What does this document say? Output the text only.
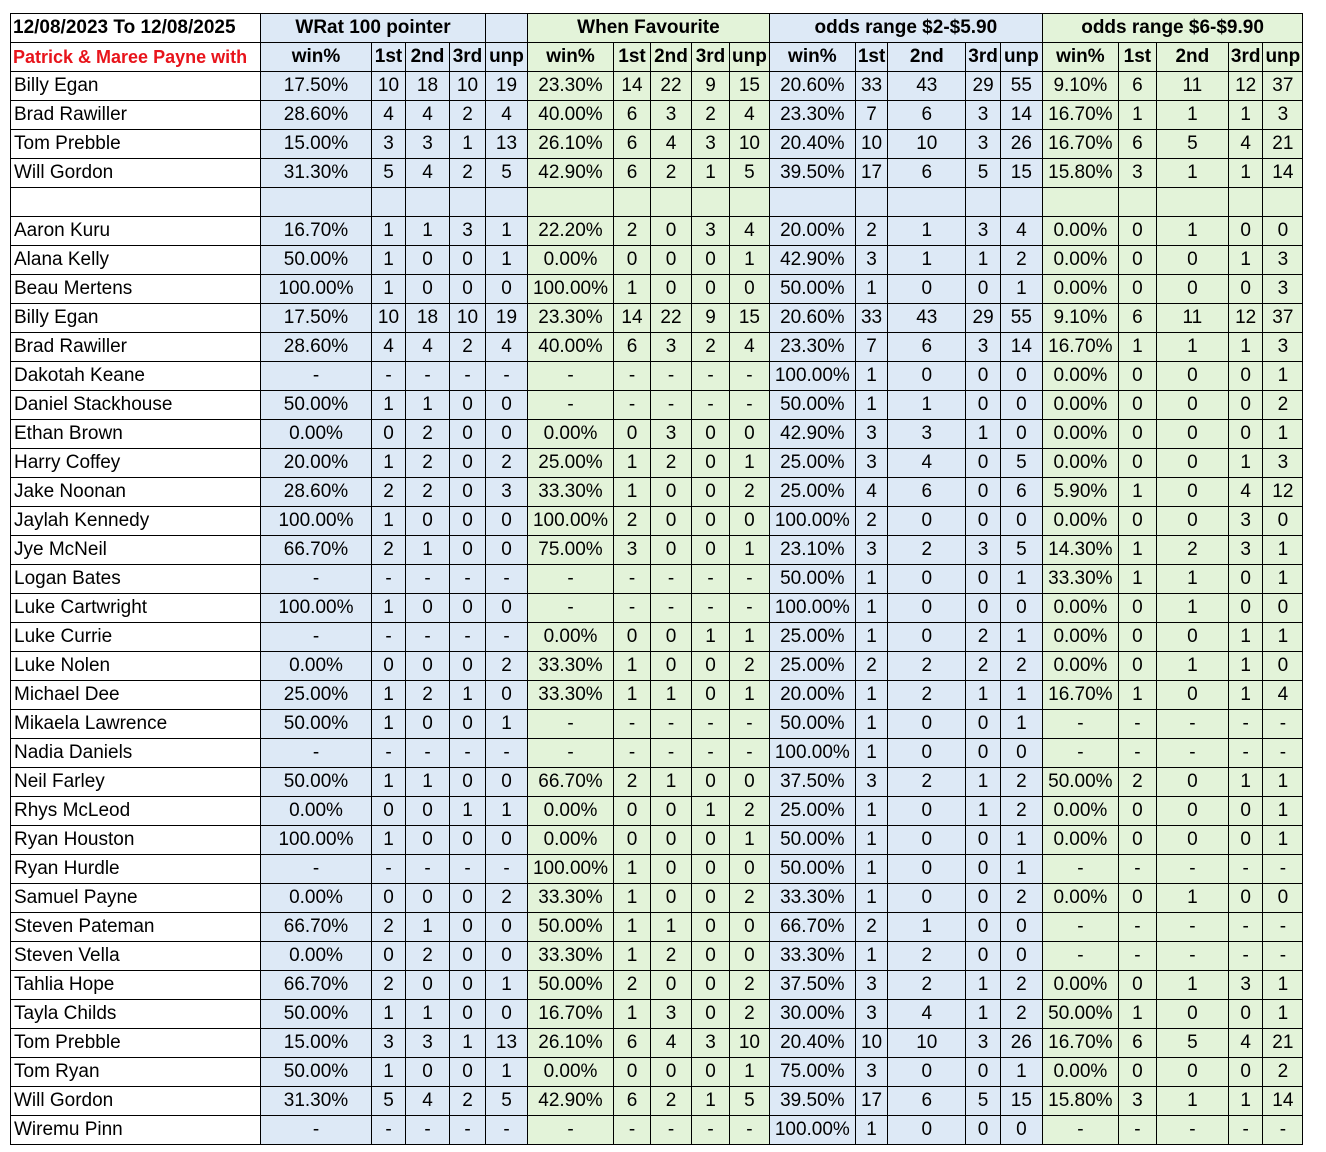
12/08/2023 To 12/08/2025	WRat 100 pointer					When Favourite					odds range $2-$5.90					odds range $6-$9.90				
Patrick & Maree Payne with	win%	1st	2nd	3rd	unp	win%	1st	2nd	3rd	unp	win%	1st	2nd	3rd	unp	win%	1st	2nd	3rd	unp
Billy Egan	17.50%	10	18	10	19	23.30%	14	22	9	15	20.60%	33	43	29	55	9.10%	6	11	12	37
Brad Rawiller	28.60%	4	4	2	4	40.00%	6	3	2	4	23.30%	7	6	3	14	16.70%	1	1	1	3
Tom Prebble	15.00%	3	3	1	13	26.10%	6	4	3	10	20.40%	10	10	3	26	16.70%	6	5	4	21
Will Gordon	31.30%	5	4	2	5	42.90%	6	2	1	5	39.50%	17	6	5	15	15.80%	3	1	1	14

Aaron Kuru	16.70%	1	1	3	1	22.20%	2	0	3	4	20.00%	2	1	3	4	0.00%	0	1	0	0
Alana Kelly	50.00%	1	0	0	1	0.00%	0	0	0	1	42.90%	3	1	1	2	0.00%	0	0	1	3
Beau Mertens	100.00%	1	0	0	0	100.00%	1	0	0	0	50.00%	1	0	0	1	0.00%	0	0	0	3
Billy Egan	17.50%	10	18	10	19	23.30%	14	22	9	15	20.60%	33	43	29	55	9.10%	6	11	12	37
Brad Rawiller	28.60%	4	4	2	4	40.00%	6	3	2	4	23.30%	7	6	3	14	16.70%	1	1	1	3
Dakotah Keane	-	-	-	-	-	-	-	-	-	-	100.00%	1	0	0	0	0.00%	0	0	0	1
Daniel Stackhouse	50.00%	1	1	0	0	-	-	-	-	-	50.00%	1	1	0	0	0.00%	0	0	0	2
Ethan Brown	0.00%	0	2	0	0	0.00%	0	3	0	0	42.90%	3	3	1	0	0.00%	0	0	0	1
Harry Coffey	20.00%	1	2	0	2	25.00%	1	2	0	1	25.00%	3	4	0	5	0.00%	0	0	1	3
Jake Noonan	28.60%	2	2	0	3	33.30%	1	0	0	2	25.00%	4	6	0	6	5.90%	1	0	4	12
Jaylah Kennedy	100.00%	1	0	0	0	100.00%	2	0	0	0	100.00%	2	0	0	0	0.00%	0	0	3	0
Jye McNeil	66.70%	2	1	0	0	75.00%	3	0	0	1	23.10%	3	2	3	5	14.30%	1	2	3	1
Logan Bates	-	-	-	-	-	-	-	-	-	-	50.00%	1	0	0	1	33.30%	1	1	0	1
Luke Cartwright	100.00%	1	0	0	0	-	-	-	-	-	100.00%	1	0	0	0	0.00%	0	1	0	0
Luke Currie	-	-	-	-	-	0.00%	0	0	1	1	25.00%	1	0	2	1	0.00%	0	0	1	1
Luke Nolen	0.00%	0	0	0	2	33.30%	1	0	0	2	25.00%	2	2	2	2	0.00%	0	1	1	0
Michael Dee	25.00%	1	2	1	0	33.30%	1	1	0	1	20.00%	1	2	1	1	16.70%	1	0	1	4
Mikaela Lawrence	50.00%	1	0	0	1	-	-	-	-	-	50.00%	1	0	0	1	-	-	-	-	-
Nadia Daniels	-	-	-	-	-	-	-	-	-	-	100.00%	1	0	0	0	-	-	-	-	-
Neil Farley	50.00%	1	1	0	0	66.70%	2	1	0	0	37.50%	3	2	1	2	50.00%	2	0	1	1
Rhys McLeod	0.00%	0	0	1	1	0.00%	0	0	1	2	25.00%	1	0	1	2	0.00%	0	0	0	1
Ryan Houston	100.00%	1	0	0	0	0.00%	0	0	0	1	50.00%	1	0	0	1	0.00%	0	0	0	1
Ryan Hurdle	-	-	-	-	-	100.00%	1	0	0	0	50.00%	1	0	0	1	-	-	-	-	-
Samuel Payne	0.00%	0	0	0	2	33.30%	1	0	0	2	33.30%	1	0	0	2	0.00%	0	1	0	0
Steven Pateman	66.70%	2	1	0	0	50.00%	1	1	0	0	66.70%	2	1	0	0	-	-	-	-	-
Steven Vella	0.00%	0	2	0	0	33.30%	1	2	0	0	33.30%	1	2	0	0	-	-	-	-	-
Tahlia Hope	66.70%	2	0	0	1	50.00%	2	0	0	2	37.50%	3	2	1	2	0.00%	0	1	3	1
Tayla Childs	50.00%	1	1	0	0	16.70%	1	3	0	2	30.00%	3	4	1	2	50.00%	1	0	0	1
Tom Prebble	15.00%	3	3	1	13	26.10%	6	4	3	10	20.40%	10	10	3	26	16.70%	6	5	4	21
Tom Ryan	50.00%	1	0	0	1	0.00%	0	0	0	1	75.00%	3	0	0	1	0.00%	0	0	0	2
Will Gordon	31.30%	5	4	2	5	42.90%	6	2	1	5	39.50%	17	6	5	15	15.80%	3	1	1	14
Wiremu Pinn	-	-	-	-	-	-	-	-	-	-	100.00%	1	0	0	0	-	-	-	-	-
